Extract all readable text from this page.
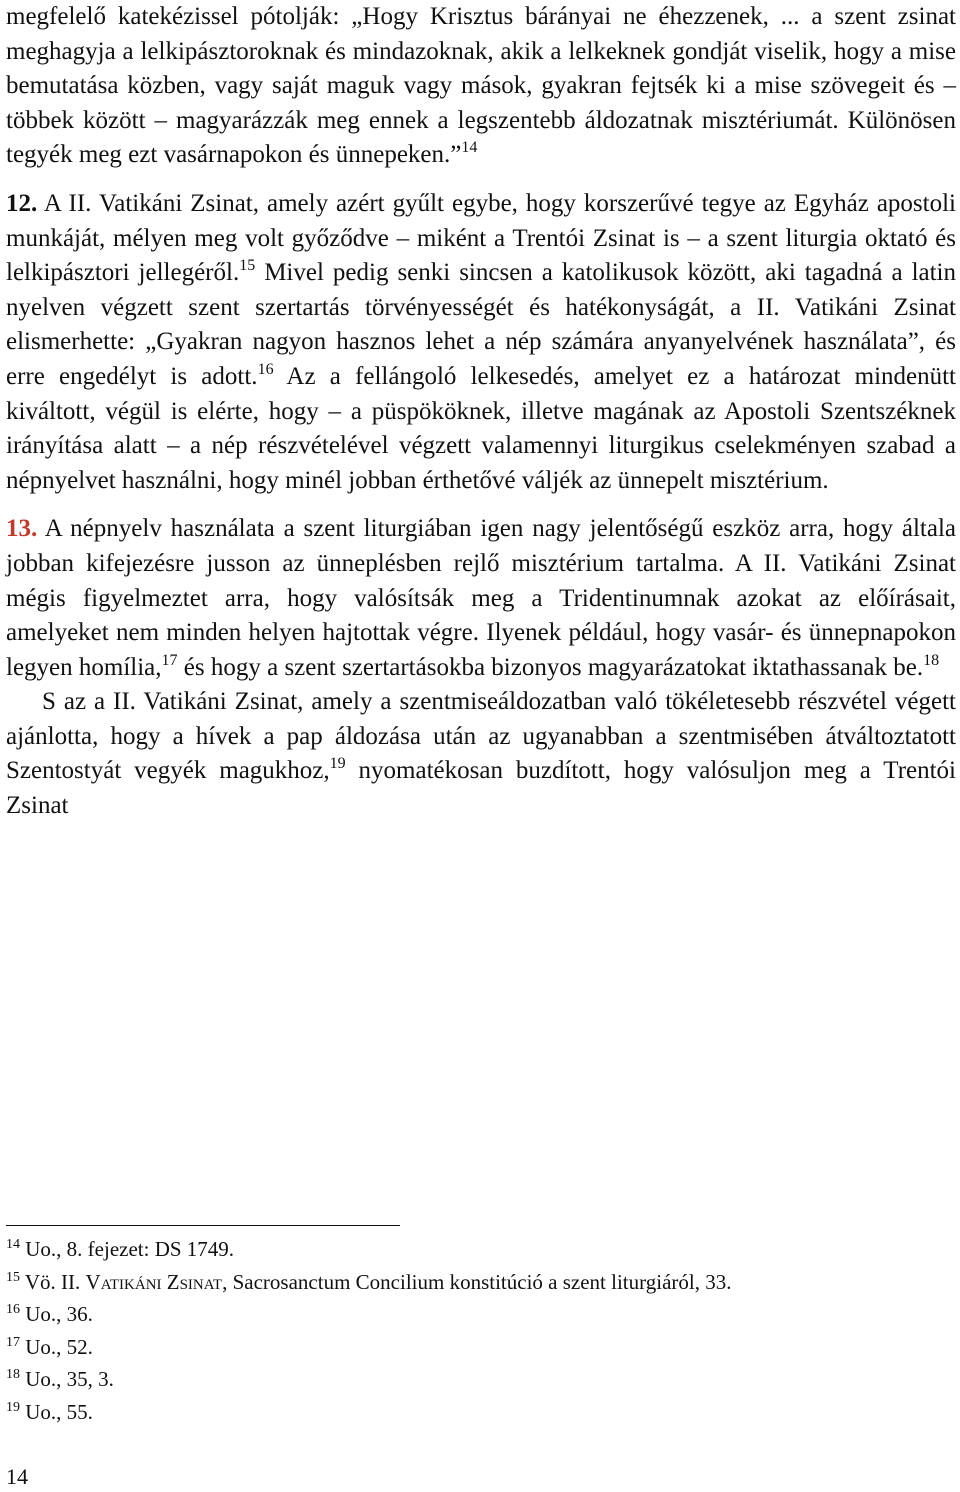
megfelelő katekézissel pótolják: „Hogy Krisztus bárányai ne éhezzenek, ... a szent zsinat meghagyja a lelkipásztoroknak és mindazoknak, akik a lelkeknek gondját viselik, hogy a mise bemutatása közben, vagy saját maguk vagy mások, gyakran fejtsék ki a mise szövegeit és – többek között – magyarázzák meg ennek a legszentebb áldozatnak misztériumát. Különösen tegyék meg ezt vasárnapokon és ünnepeken.”$^{14}$

12. A II. Vatikáni Zsinat, amely azért gyűlt egybe, hogy korszerűvé tegye az Egyház apostoli munkáját, mélyen meg volt győződve – miként a Trentói Zsinat is – a szent liturgia oktató és lelkipásztori jellegéről.$^{15}$ Mivel pedig senki sincsen a katolikusok között, aki tagadná a latin nyelven végzett szent szertartás törvényességét és hatékonyságát, a II. Vatikáni Zsinat elismerhette: „Gyakran nagyon hasznos lehet a nép számára anyanyelvének használata”, és erre engedélyt is adott.$^{16}$ Az a fellángoló lelkesedés, amelyet ez a határozat mindenütt kiváltott, végül is elérte, hogy – a püspököknek, illetve magának az Apostoli Szentszéknek irányítása alatt – a nép részvételével végzett valamennyi liturgikus cselekményen szabad a népnyelvet használni, hogy minél jobban érthetővé váljék az ünnepelt misztérium.

13. A népnyelv használata a szent liturgiában igen nagy jelentőségű eszköz arra, hogy általa jobban kifejezésre jusson az ünneplésben rejlő misztérium tartalma. A II. Vatikáni Zsinat mégis figyelmeztet arra, hogy valósítsák meg a Tridentinumnak azokat az előírásait, amelyeket nem minden helyen hajtottak végre. Ilyenek például, hogy vasár- és ünnepnapokon legyen homília,$^{17}$ és hogy a szent szertartásokba bizonyos magyarázatokat iktathassanak be.$^{18}$

S az a II. Vatikáni Zsinat, amely a szentmiseáldozatban való tökéletesebb részvétel végett ajánlotta, hogy a hívek a pap áldozása után az ugyanabban a szentmisében átváltoztatott Szentostyát vegyék magukhoz,$^{19}$ nyomatékosan buzdított, hogy valósuljon meg a Trentói Zsinat

$^{14}$ Uo., 8. fejezet: DS 1749.

$^{15}$ Vö. II. Vatikáni Zsinat, Sacrosanctum Concilium konstitúció a szent liturgiáról, 33.

$^{16}$ Uo., 36.

$^{17}$ Uo., 52.

$^{18}$ Uo., 35, 3.

$^{19}$ Uo., 55.

14
